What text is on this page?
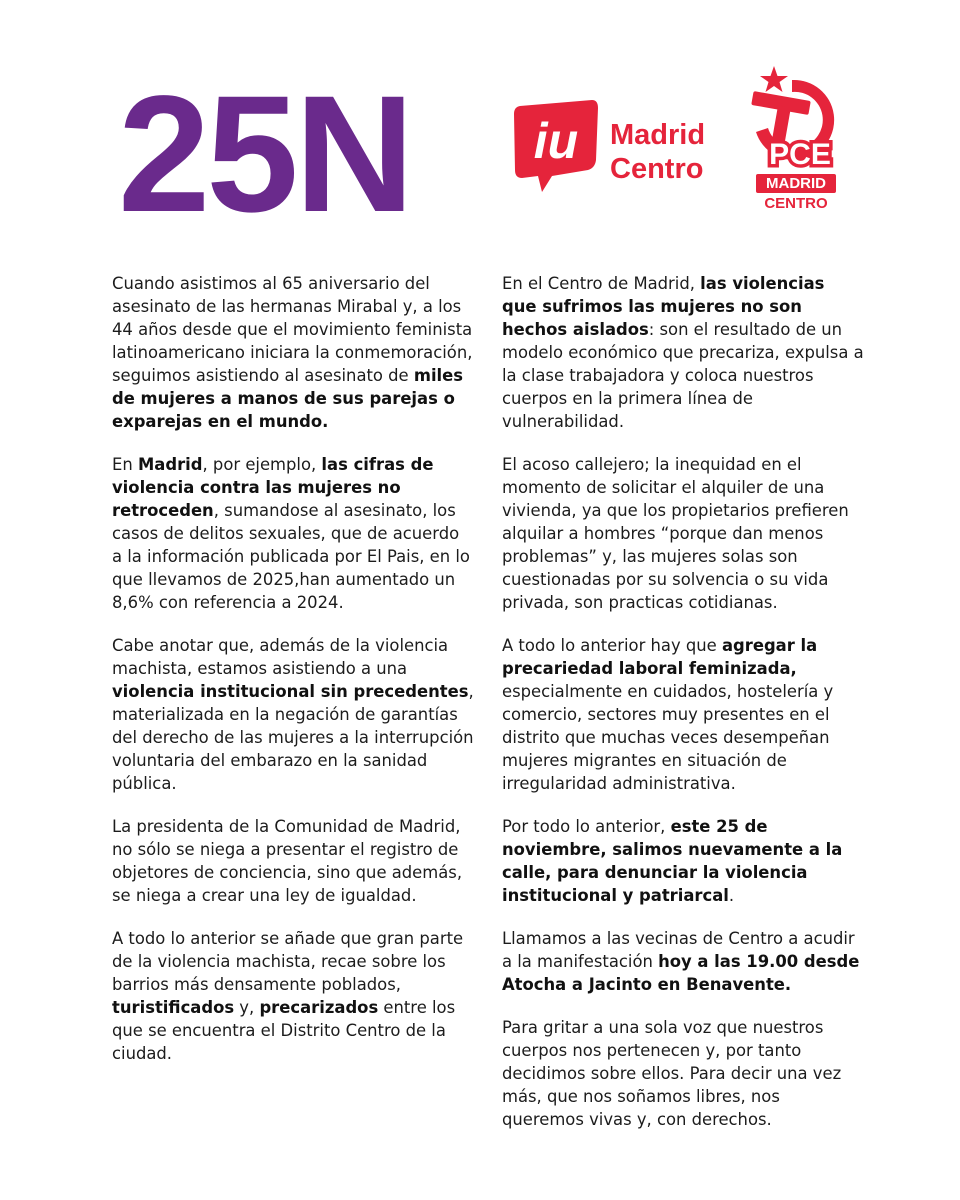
25N iu Madrid
Centro PCE
MADRID
CENTRO

Cuando asistimos al 65 aniversario del asesinato de las hermanas Mirabal y, a los 44 años desde que el movimiento feminista latinoamericano iniciara la conmemoración, seguimos asistiendo al asesinato de miles de mujeres a manos de sus parejas o exparejas en el mundo.

En Madrid, por ejemplo, las cifras de violencia contra las mujeres no retroceden, sumandose al asesinato, los casos de delitos sexuales, que de acuerdo a la información publicada por El Pais, en lo que llevamos de 2025,han aumentado un 8,6% con referencia a 2024.

Cabe anotar que, además de la violencia machista, estamos asistiendo a una violencia institucional sin precedentes, materializada en la negación de garantías del derecho de las mujeres a la interrupción voluntaria del embarazo en la sanidad pública.

La presidenta de la Comunidad de Madrid, no sólo se niega a presentar el registro de objetores de conciencia, sino que además, se niega a crear una ley de igualdad.

A todo lo anterior se añade que gran parte de la violencia machista, recae sobre los barrios más densamente poblados, turistificados y, precarizados entre los que se encuentra el Distrito Centro de la ciudad.

En el Centro de Madrid, las violencias que sufrimos las mujeres no son hechos aislados: son el resultado de un modelo económico que precariza, expulsa a la clase trabajadora y coloca nuestros cuerpos en la primera línea de vulnerabilidad.

El acoso callejero; la inequidad en el momento de solicitar el alquiler de una vivienda, ya que los propietarios prefieren alquilar a hombres “porque dan menos problemas” y, las mujeres solas son cuestionadas por su solvencia o su vida privada, son practicas cotidianas.

A todo lo anterior hay que agregar la precariedad laboral feminizada, especialmente en cuidados, hostelería y comercio, sectores muy presentes en el distrito que muchas veces desempeñan mujeres migrantes en situación de irregularidad administrativa.

Por todo lo anterior, este 25 de noviembre, salimos nuevamente a la calle, para denunciar la violencia institucional y patriarcal.

Llamamos a las vecinas de Centro a acudir a la manifestación hoy a las 19.00 desde Atocha a Jacinto en Benavente.

Para gritar a una sola voz que nuestros cuerpos nos pertenecen y, por tanto decidimos sobre ellos. Para decir una vez más, que nos soñamos libres, nos queremos vivas y, con derechos.
